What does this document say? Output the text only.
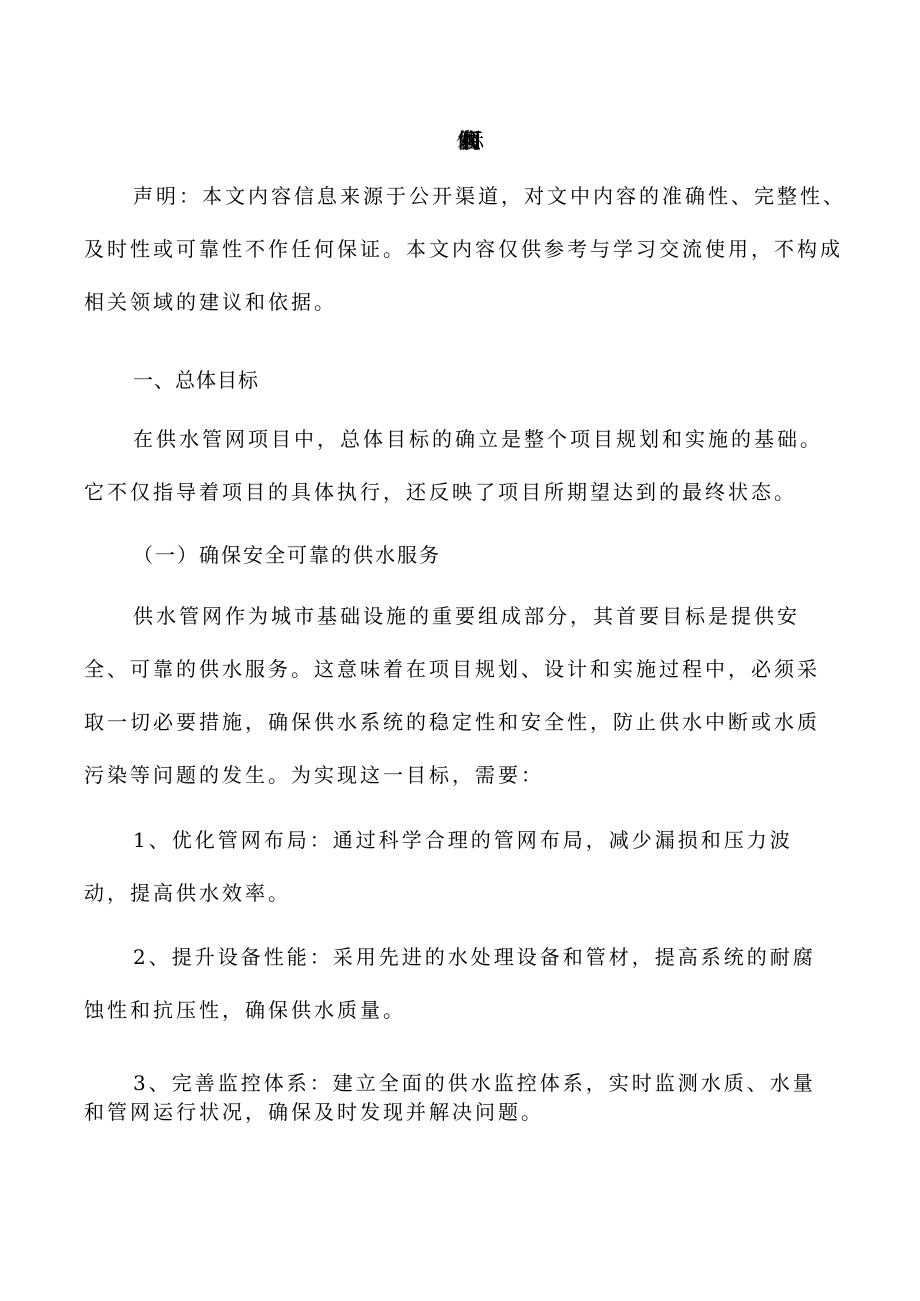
供水管网项目目标
声明：本文内容信息来源于公开渠道，对文中内容的准确性、完整性、
及时性或可靠性不作任何保证。本文内容仅供参考与学习交流使用，不构成
相关领域的建议和依据。
一、总体目标
在供水管网项目中，总体目标的确立是整个项目规划和实施的基础。
它不仅指导着项目的具体执行，还反映了项目所期望达到的最终状态。
（一）确保安全可靠的供水服务
供水管网作为城市基础设施的重要组成部分，其首要目标是提供安
全、可靠的供水服务。这意味着在项目规划、设计和实施过程中，必须采
取一切必要措施，确保供水系统的稳定性和安全性，防止供水中断或水质
污染等问题的发生。为实现这一目标，需要：
1、优化管网布局：通过科学合理的管网布局，减少漏损和压力波
动，提高供水效率。
2、提升设备性能：采用先进的水处理设备和管材，提高系统的耐腐
蚀性和抗压性，确保供水质量。
3、完善监控体系：建立全面的供水监控体系，实时监测水质、水量
和管网运行状况，确保及时发现并解决问题。
